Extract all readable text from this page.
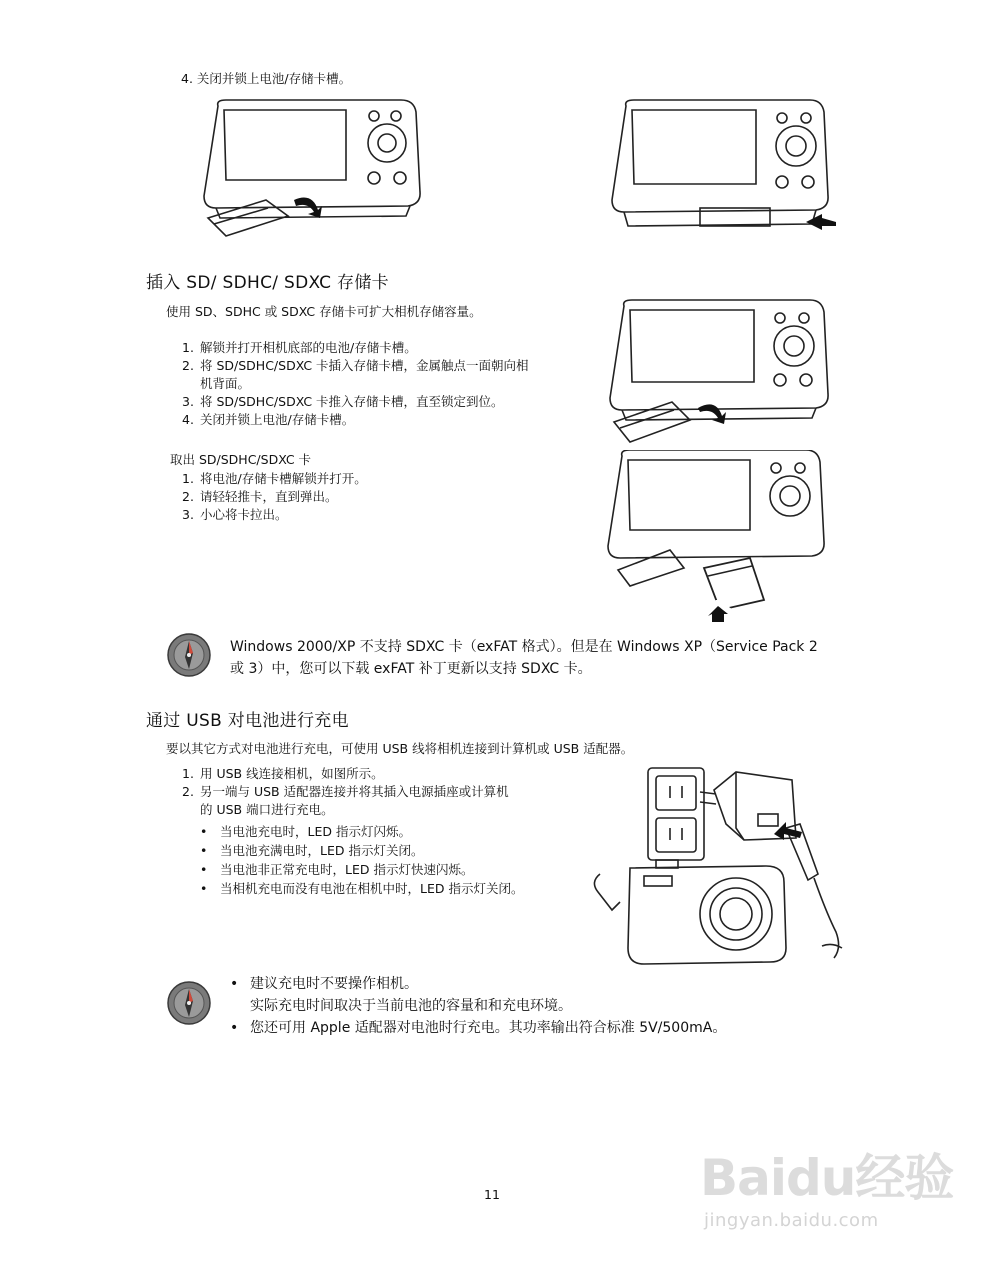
4. 关闭并锁上电池/存储卡槽。
插入 SD/ SDHC/ SDXC 存储卡
使用 SD、SDHC 或 SDXC 存储卡可扩大相机存储容量。
1. 解锁并打开相机底部的电池/存储卡槽。
2. 将 SD/SDHC/SDXC 卡插入存储卡槽，金属触点一面朝向相
机背面。
3. 将 SD/SDHC/SDXC 卡推入存储卡槽，直至锁定到位。
4. 关闭并锁上电池/存储卡槽。
取出 SD/SDHC/SDXC 卡
1. 将电池/存储卡槽解锁并打开。
2. 请轻轻推卡，直到弹出。
3. 小心将卡拉出。
Windows 2000/XP 不支持 SDXC 卡（exFAT 格式）。但是在 Windows XP（Service Pack 2 或 3）中，您可以下载 exFAT 补丁更新以支持 SDXC 卡。
通过 USB 对电池进行充电
要以其它方式对电池进行充电，可使用 USB 线将相机连接到计算机或 USB 适配器。
1. 用 USB 线连接相机，如图所示。
2. 另一端与 USB 适配器连接并将其插入电源插座或计算机
的 USB 端口进行充电。
• 当电池充电时，LED 指示灯闪烁。
• 当电池充满电时，LED 指示灯关闭。
• 当电池非正常充电时，LED 指示灯快速闪烁。
• 当相机充电而没有电池在相机中时，LED 指示灯关闭。
• 建议充电时不要操作相机。
实际充电时间取决于当前电池的容量和和充电环境。
• 您还可用 Apple 适配器对电池时行充电。其功率输出符合标准 5V/500mA。
11	Baidu经验
jingyan.baidu.com
